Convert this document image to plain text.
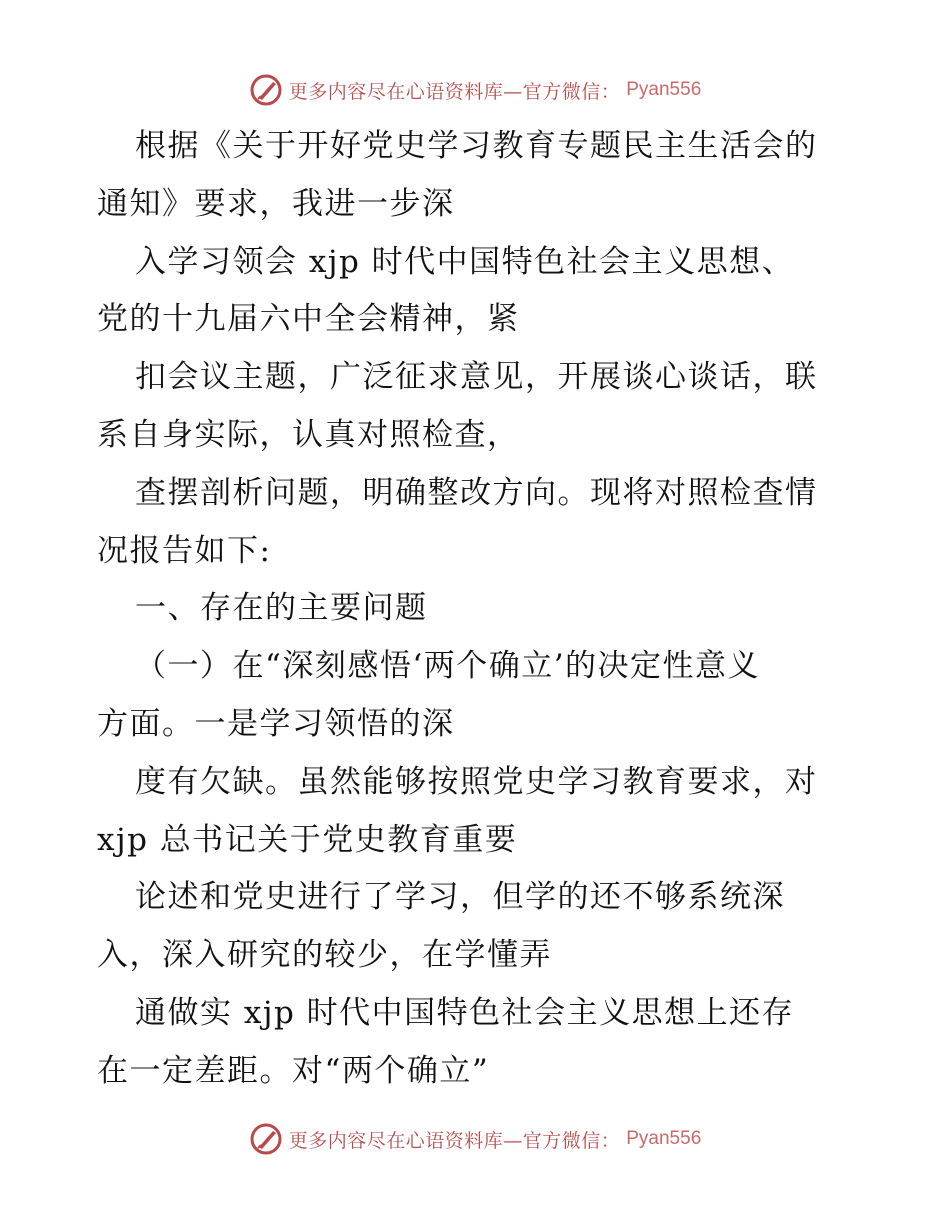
更多内容尽在心语资料库—官方微信： Pyan556
根据《关于开好党史学习教育专题民主生活会的
通知》要求，我进一步深
入学习领会 xjp 时代中国特色社会主义思想、
党的十九届六中全会精神，紧
扣会议主题，广泛征求意见，开展谈心谈话，联
系自身实际，认真对照检查，
查摆剖析问题，明确整改方向。现将对照检查情
况报告如下:
一、存在的主要问题
（一）在“深刻感悟‘两个确立’的决定性意义
方面。一是学习领悟的深
度有欠缺。虽然能够按照党史学习教育要求，对
xjp 总书记关于党史教育重要
论述和党史进行了学习，但学的还不够系统深
入，深入研究的较少，在学懂弄
通做实 xjp 时代中国特色社会主义思想上还存
在一定差距。对“两个确立”
更多内容尽在心语资料库—官方微信： Pyan556
